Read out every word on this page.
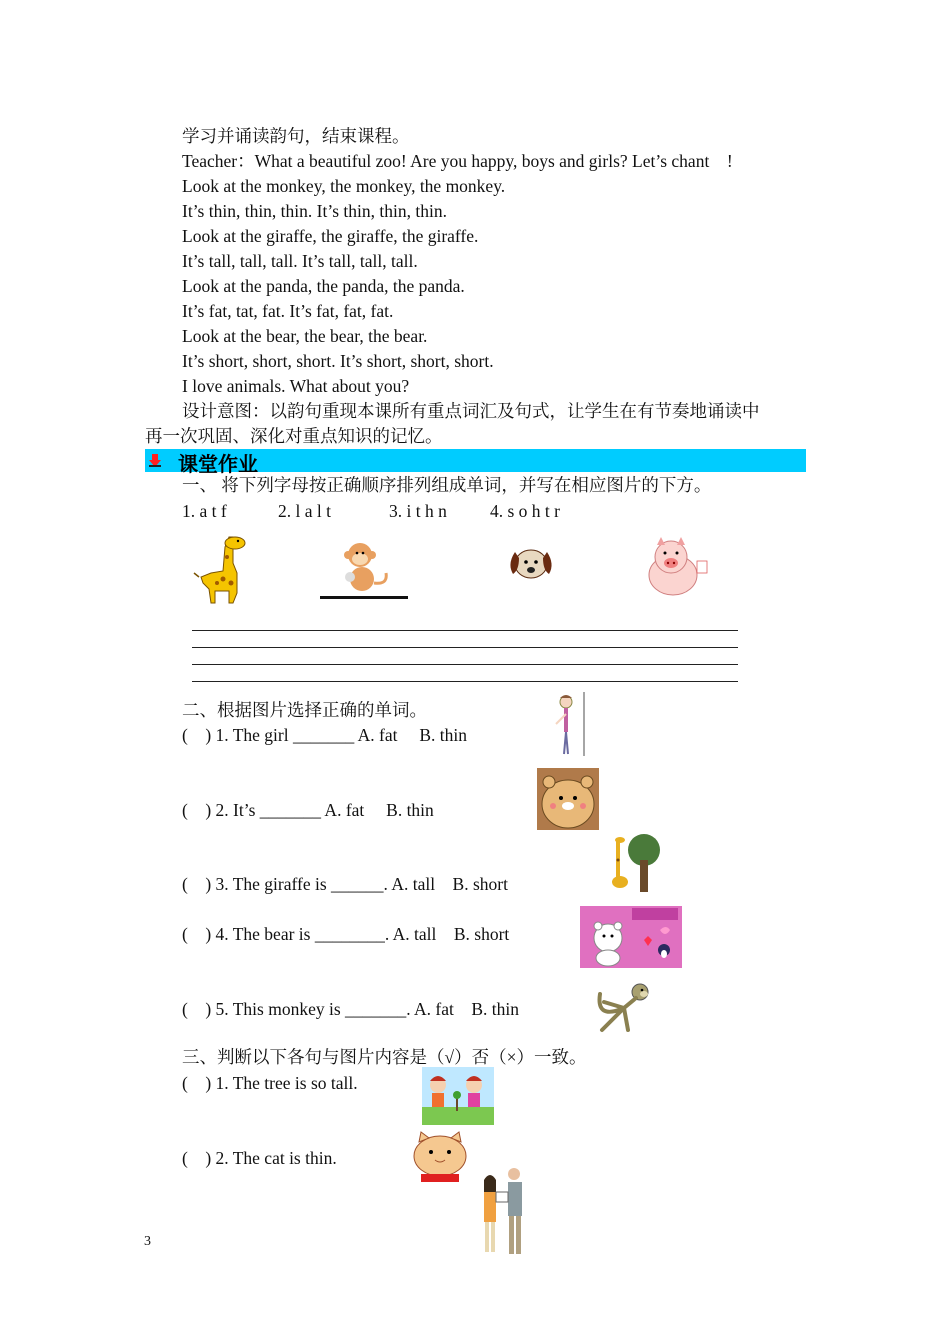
学习并诵读韵句，结束课程。
Teacher：What a beautiful zoo! Are you happy, boys and girls? Let’s chant　!
Look at the monkey, the monkey, the monkey.
It’s thin, thin, thin. It’s thin, thin, thin.
Look at the giraffe, the giraffe, the giraffe.
It’s tall, tall, tall. It’s tall, tall, tall.
Look at the panda, the panda, the panda.
It’s fat, tat, fat. It’s fat, fat, fat.
Look at the bear, the bear, the bear.
It’s short, short, short. It’s short, short, short.
I love animals. What about you?
设计意图：以韵句重现本课所有重点词汇及句式，让学生在有节奏地诵读中
再一次巩固、深化对重点知识的记忆。
课堂作业
一、 将下列字母按正确顺序排列组成单词，并写在相应图片的下方。
1. a t f	2. l a l t	3. i t h n 4. s o h t r
二、根据图片选择正确的单词。
(　) 1. The girl _______ A. fat　 B. thin
(　) 2. It’s _______ A. fat　 B. thin
(　) 3. The giraffe is ______. A. tall　B. short
(　) 4. The bear is ________. A. tall　B. short
(　) 5. This monkey is _______. A. fat　B. thin
三、判断以下各句与图片内容是（√）否（×）一致。
(　) 1. The tree is so tall.
(　) 2. The cat is thin.
3
